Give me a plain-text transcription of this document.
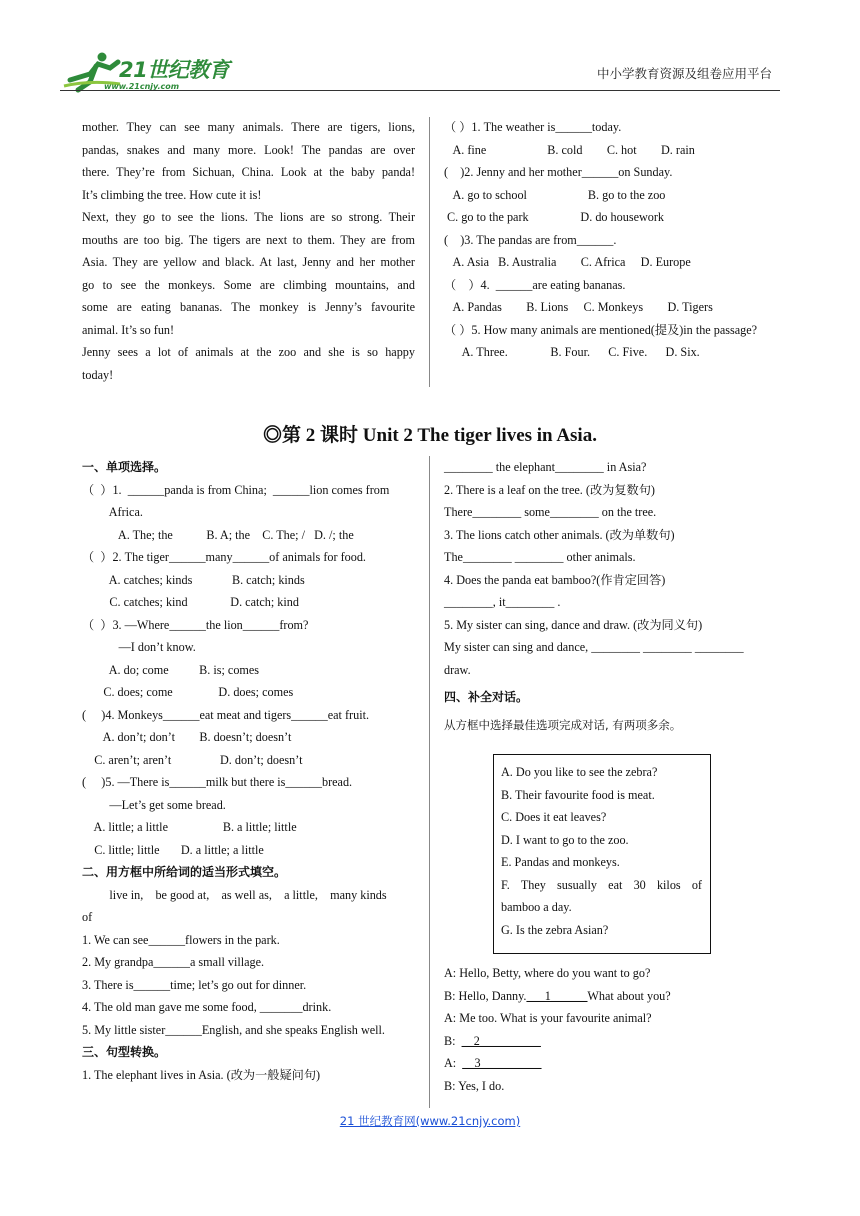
21世纪教育
www.21cnjy.com
中小学教育资源及组卷应用平台

mother. They can see many animals. There are tigers, lions,

pandas, snakes and many more. Look! The pandas are over

there. They’re from Sichuan, China. Look at the baby panda!

It’s climbing the tree. How cute it is!

Next, they go to see the lions. The lions are so strong. Their

mouths are too big. The tigers are next to them. They are from

Asia. They are yellow and black. At last, Jenny and her mother

go to see the monkeys. Some are climbing mountains, and

some are eating bananas. The monkey is Jenny’s favourite

animal. It’s so fun!

Jenny sees a lot of animals at the zoo and she is so happy

today!

（ ）1. The weather is______today.

A. fine                    B. cold        C. hot        D. rain

(    )2. Jenny and her mother______on Sunday.

A. go to school                    B. go to the zoo

C. go to the park                 D. do housework

(    )3. The pandas are from______.

A. Asia   B. Australia        C. Africa     D. Europe

（    ）4.  ______are eating bananas.

A. Pandas        B. Lions     C. Monkeys        D. Tigers

（ ）5. How many animals are mentioned(提及)in the passage?

A. Three.              B. Four.      C. Five.      D. Six.

◎第 2 课时 Unit 2 The tiger lives in Asia.

一、单项选择。

（  ）1.  ______panda is from China;  ______lion comes from

Africa.

A. The; the           B. A; the    C. The; /   D. /; the

（  ）2. The tiger______many______of animals for food.

A. catches; kinds             B. catch; kinds

C. catches; kind              D. catch; kind

（  ）3. —Where______the lion______from?

—I don’t know.

A. do; come          B. is; comes

C. does; come               D. does; comes

(     )4. Monkeys______eat meat and tigers______eat fruit.

A. don’t; don’t        B. doesn’t; doesn’t

C. aren’t; aren’t                D. don’t; doesn’t

(     )5. —There is______milk but there is______bread.

—Let’s get some bread.

A. little; a little                  B. a little; little

C. little; little       D. a little; a little

二、用方框中所给词的适当形式填空。

live in,    be good at,    as well as,    a little,    many kinds

of

1. We can see______flowers in the park.

2. My grandpa______a small village.

3. There is______time; let’s go out for dinner.

4. The old man gave me some food, _______drink.

5. My little sister______English, and she speaks English well.

三、句型转换。

1. The elephant lives in Asia. (改为一般疑问句)

________ the elephant________ in Asia?

2. There is a leaf on the tree. (改为复数句)

There________ some________ on the tree.

3. The lions catch other animals. (改为单数句)

The________ ________ other animals.

4. Does the panda eat bamboo?(作肯定回答)

________, it________ .

5. My sister can sing, dance and draw. (改为同义句)

My sister can sing and dance, ________ ________ ________

draw.

四、补全对话。
从方框中选择最佳选项完成对话, 有两项多余。

A. Do you like to see the zebra?

B. Their favourite food is meat.

C. Does it eat leaves?

D. I want to go to the zoo.

E. Pandas and monkeys.

F. They susually eat 30 kilos of

bamboo a day.

G. Is the zebra Asian?

A: Hello, Betty, where do you want to go?

B: Hello, Danny.___1______What about you?

A: Me too. What is your favourite animal?

B:  __2__________

A:  __3__________

B: Yes, I do.

21 世纪教育网(www.21cnjy.com)
